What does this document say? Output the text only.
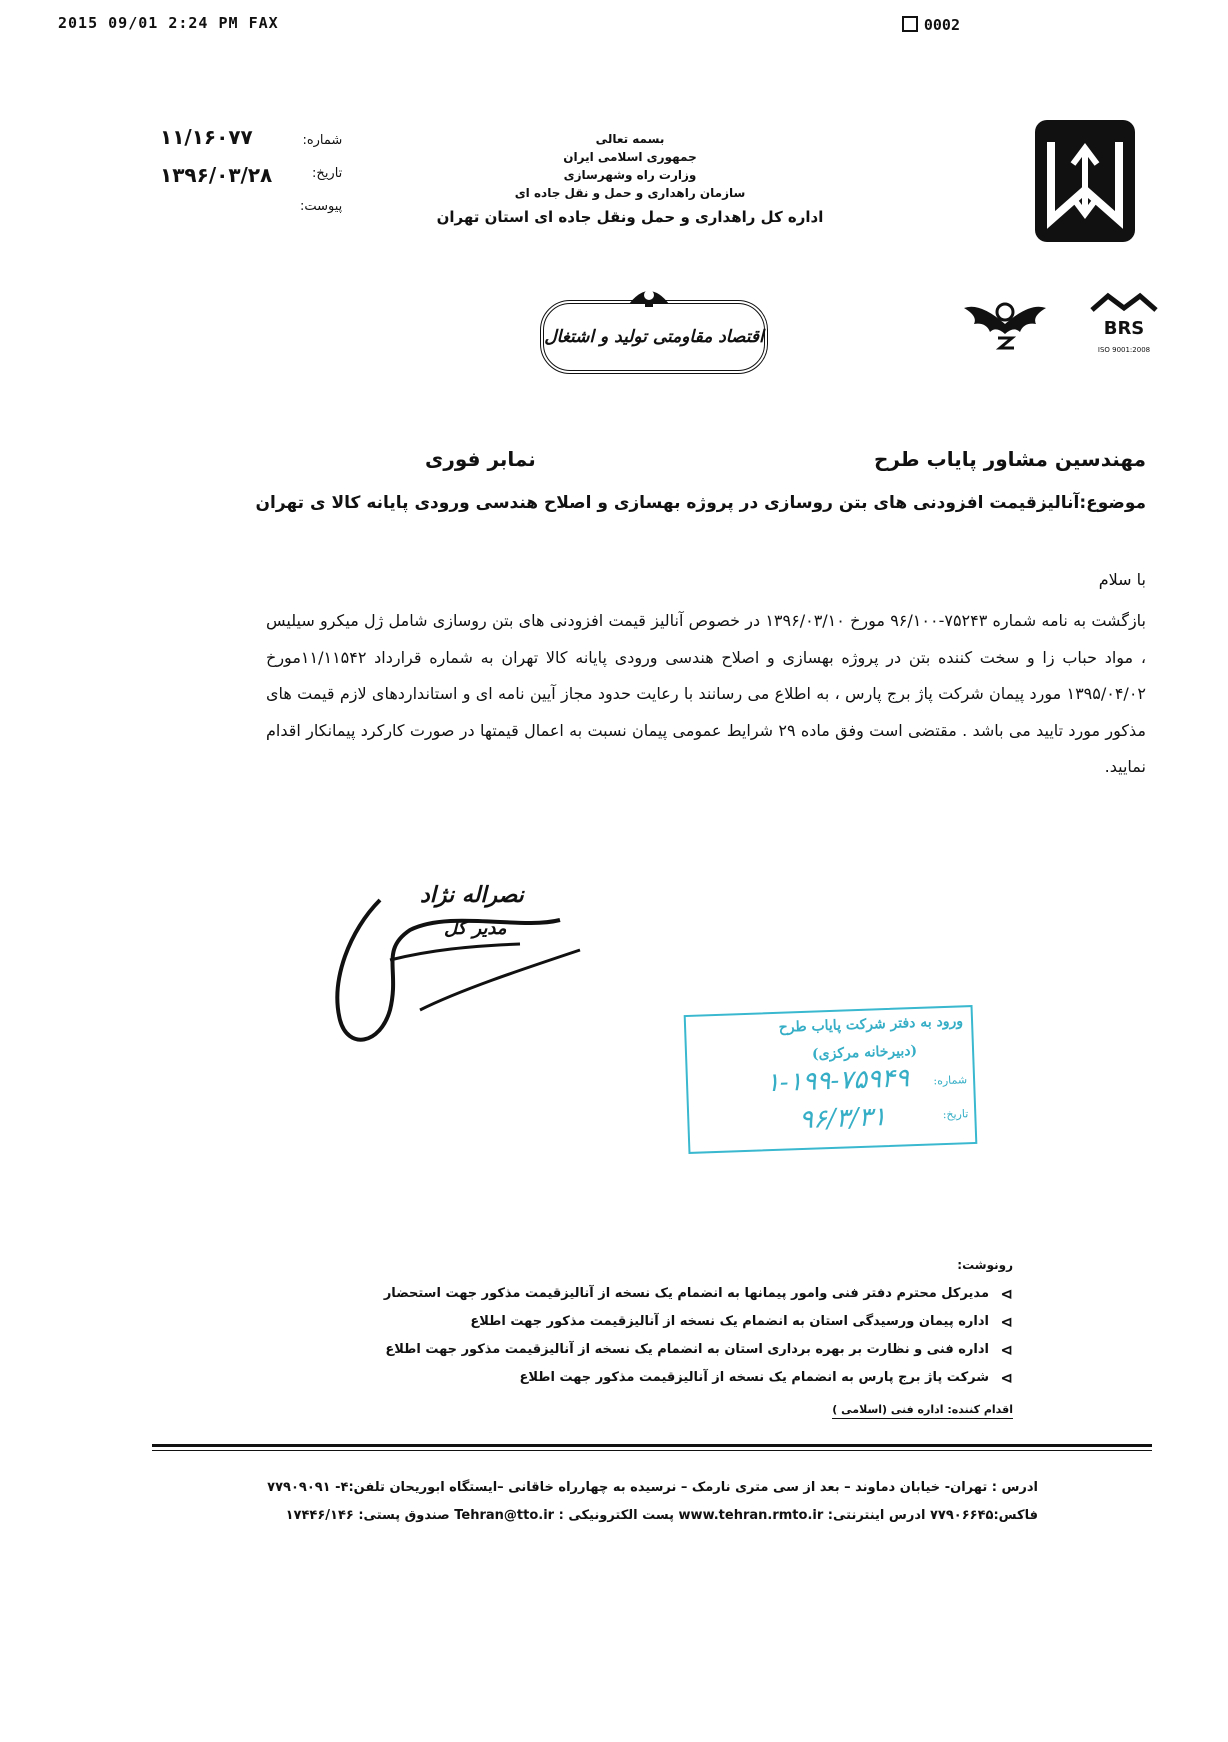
2015 09/01 2:24 PM FAX	0002
شماره:
تاریخ:
پیوست:
۱۱/۱۶۰۷۷
۱۳۹۶/۰۳/۲۸
بسمه تعالی
جمهوری اسلامی ایران
وزارت راه وشهرسازی
سازمان راهداری و حمل و نقل جاده ای
اداره کل راهداری و حمل ونقل جاده ای استان تهران
اقتصاد مقاومتی تولید و اشتغال	BRS
ISO 9001:2008
مهندسین مشاور پایاب طرح
نمابر فوری
موضوع:آنالیزقیمت افزودنی های بتن روسازی در پروژه بهسازی و اصلاح هندسی ورودی پایانه کالا ی تهران
با سلام
بازگشت به نامه شماره ۷۵۲۴۳-۹۶/۱۰۰ مورخ ۱۳۹۶/۰۳/۱۰ در خصوص آنالیز قیمت افزودنی های بتن روسازی شامل ژل میکرو سیلیس ، مواد حباب زا و سخت کننده بتن در پروژه بهسازی و اصلاح هندسی ورودی پایانه کالا تهران به شماره قرارداد ۱۱/۱۱۵۴۲مورخ ۱۳۹۵/۰۴/۰۲ مورد پیمان شرکت پاژ برج پارس ، به اطلاع می رسانند با رعایت حدود مجاز آیین نامه ای و استانداردهای لازم قیمت های مذکور مورد تایید می باشد . مقتضی است وفق ماده ۲۹ شرایط عمومی پیمان نسبت به اعمال قیمتها در صورت کارکرد پیمانکار اقدام نمایید.
نصراله نژاد
مدیر کل
ورود به دفتر شرکت پایاب طرح
(دبیرخانه مرکزی)
شماره:
۱-۱۹۹-۷۵۹۴۹
تاریخ:
۹۶/۳/۳۱
رونوشت:
⊳
مدیرکل محترم دفتر فنی وامور پیمانها به انضمام یک نسخه از آنالیزقیمت مذکور جهت استحضار
⊳
اداره پیمان ورسیدگی استان به انضمام یک نسخه از آنالیزقیمت مذکور جهت اطلاع
⊳
اداره فنی و نظارت بر بهره برداری استان به انضمام یک نسخه از آنالیزقیمت مذکور جهت اطلاع
⊳
شرکت پاژ برج پارس به انضمام یک نسخه از آنالیزقیمت مذکور جهت اطلاع
اقدام کننده: اداره فنی (اسلامی )
ادرس : تهران- خیابان دماوند – بعد از سی متری نارمک – نرسیده به چهارراه خاقانی –ایستگاه ابوریحان تلفن:۴- ۷۷۹۰۹۰۹۱
فاکس:۷۷۹۰۶۶۴۵ ادرس اینترنتی: www.tehran.rmto.ir پست الکترونیکی : Tehran@tto.ir صندوق پستی: ۱۷۴۴۶/۱۴۶
